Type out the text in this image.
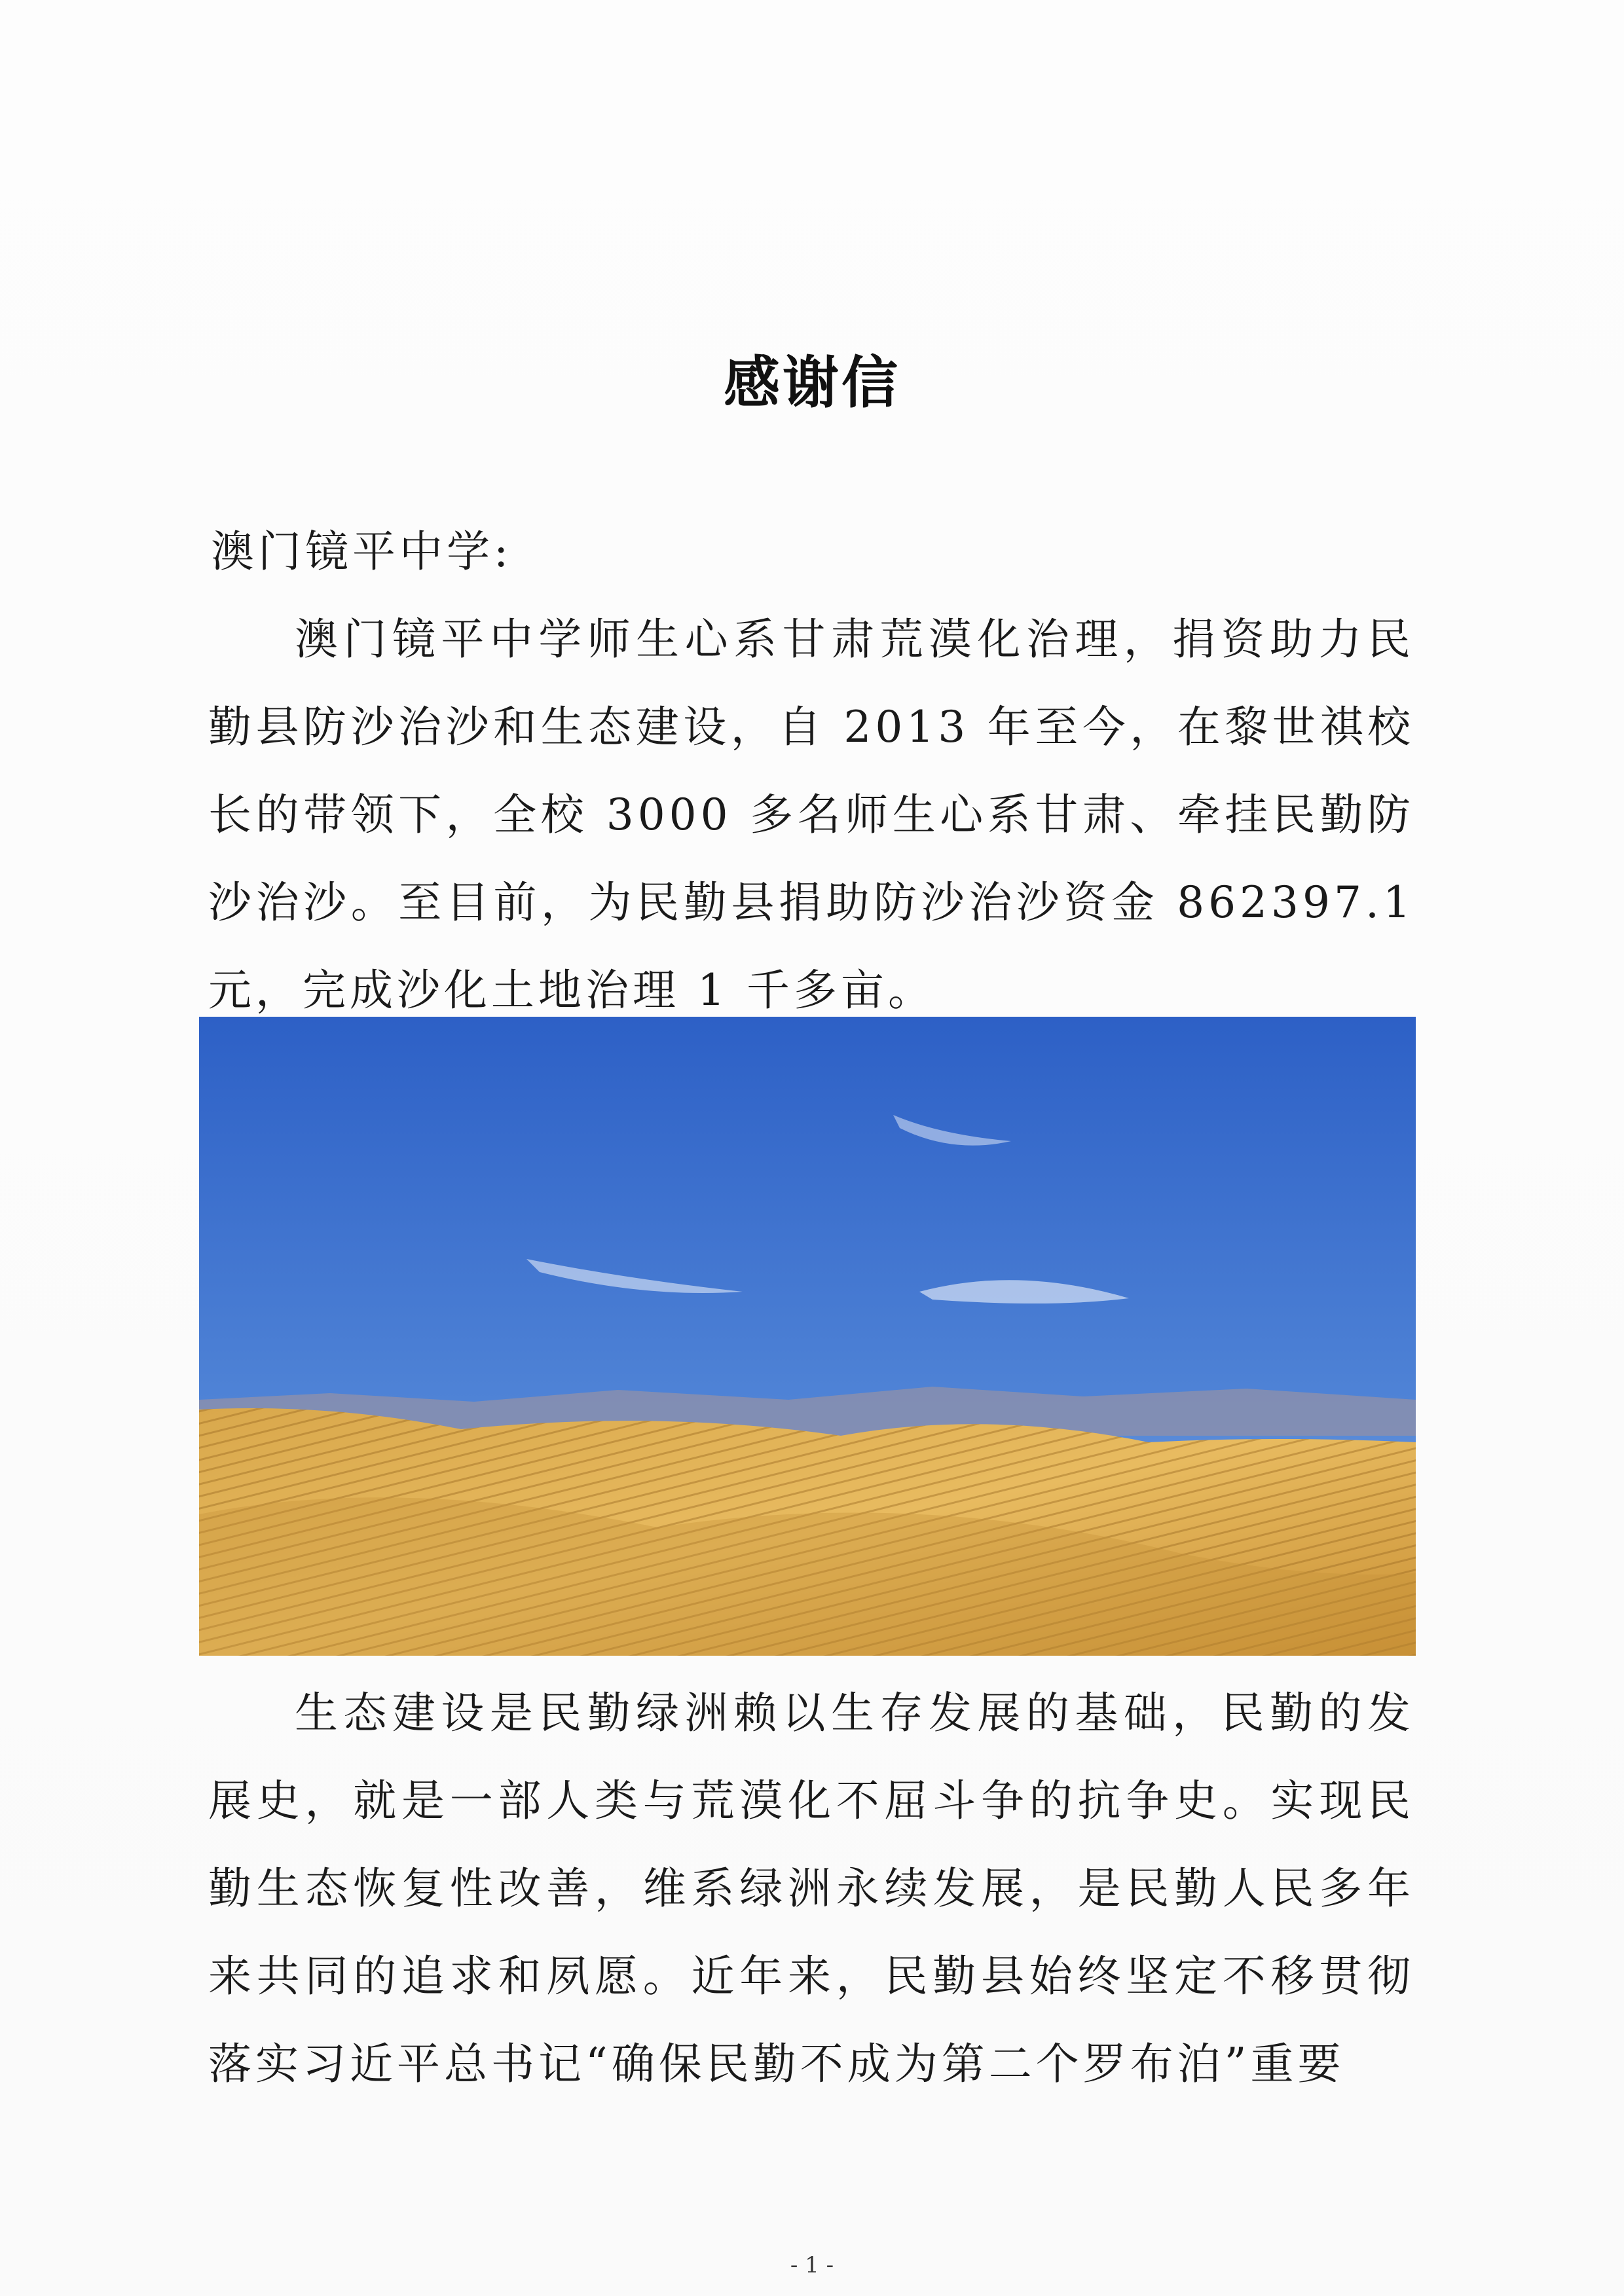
感谢信
澳门镜平中学:

澳门镜平中学师生心系甘肃荒漠化治理，捐资助力民勤县防沙治沙和生态建设，自 2013 年至今，在黎世祺校长的带领下，全校 3000 多名师生心系甘肃、牵挂民勤防沙治沙。至目前，为民勤县捐助防沙治沙资金 862397.1 元，完成沙化土地治理 1 千多亩。

生态建设是民勤绿洲赖以生存发展的基础，民勤的发展史，就是一部人类与荒漠化不屈斗争的抗争史。实现民勤生态恢复性改善，维系绿洲永续发展，是民勤人民多年来共同的追求和夙愿。近年来，民勤县始终坚定不移贯彻落实习近平总书记“确保民勤不成为第二个罗布泊”重要

- 1 -
